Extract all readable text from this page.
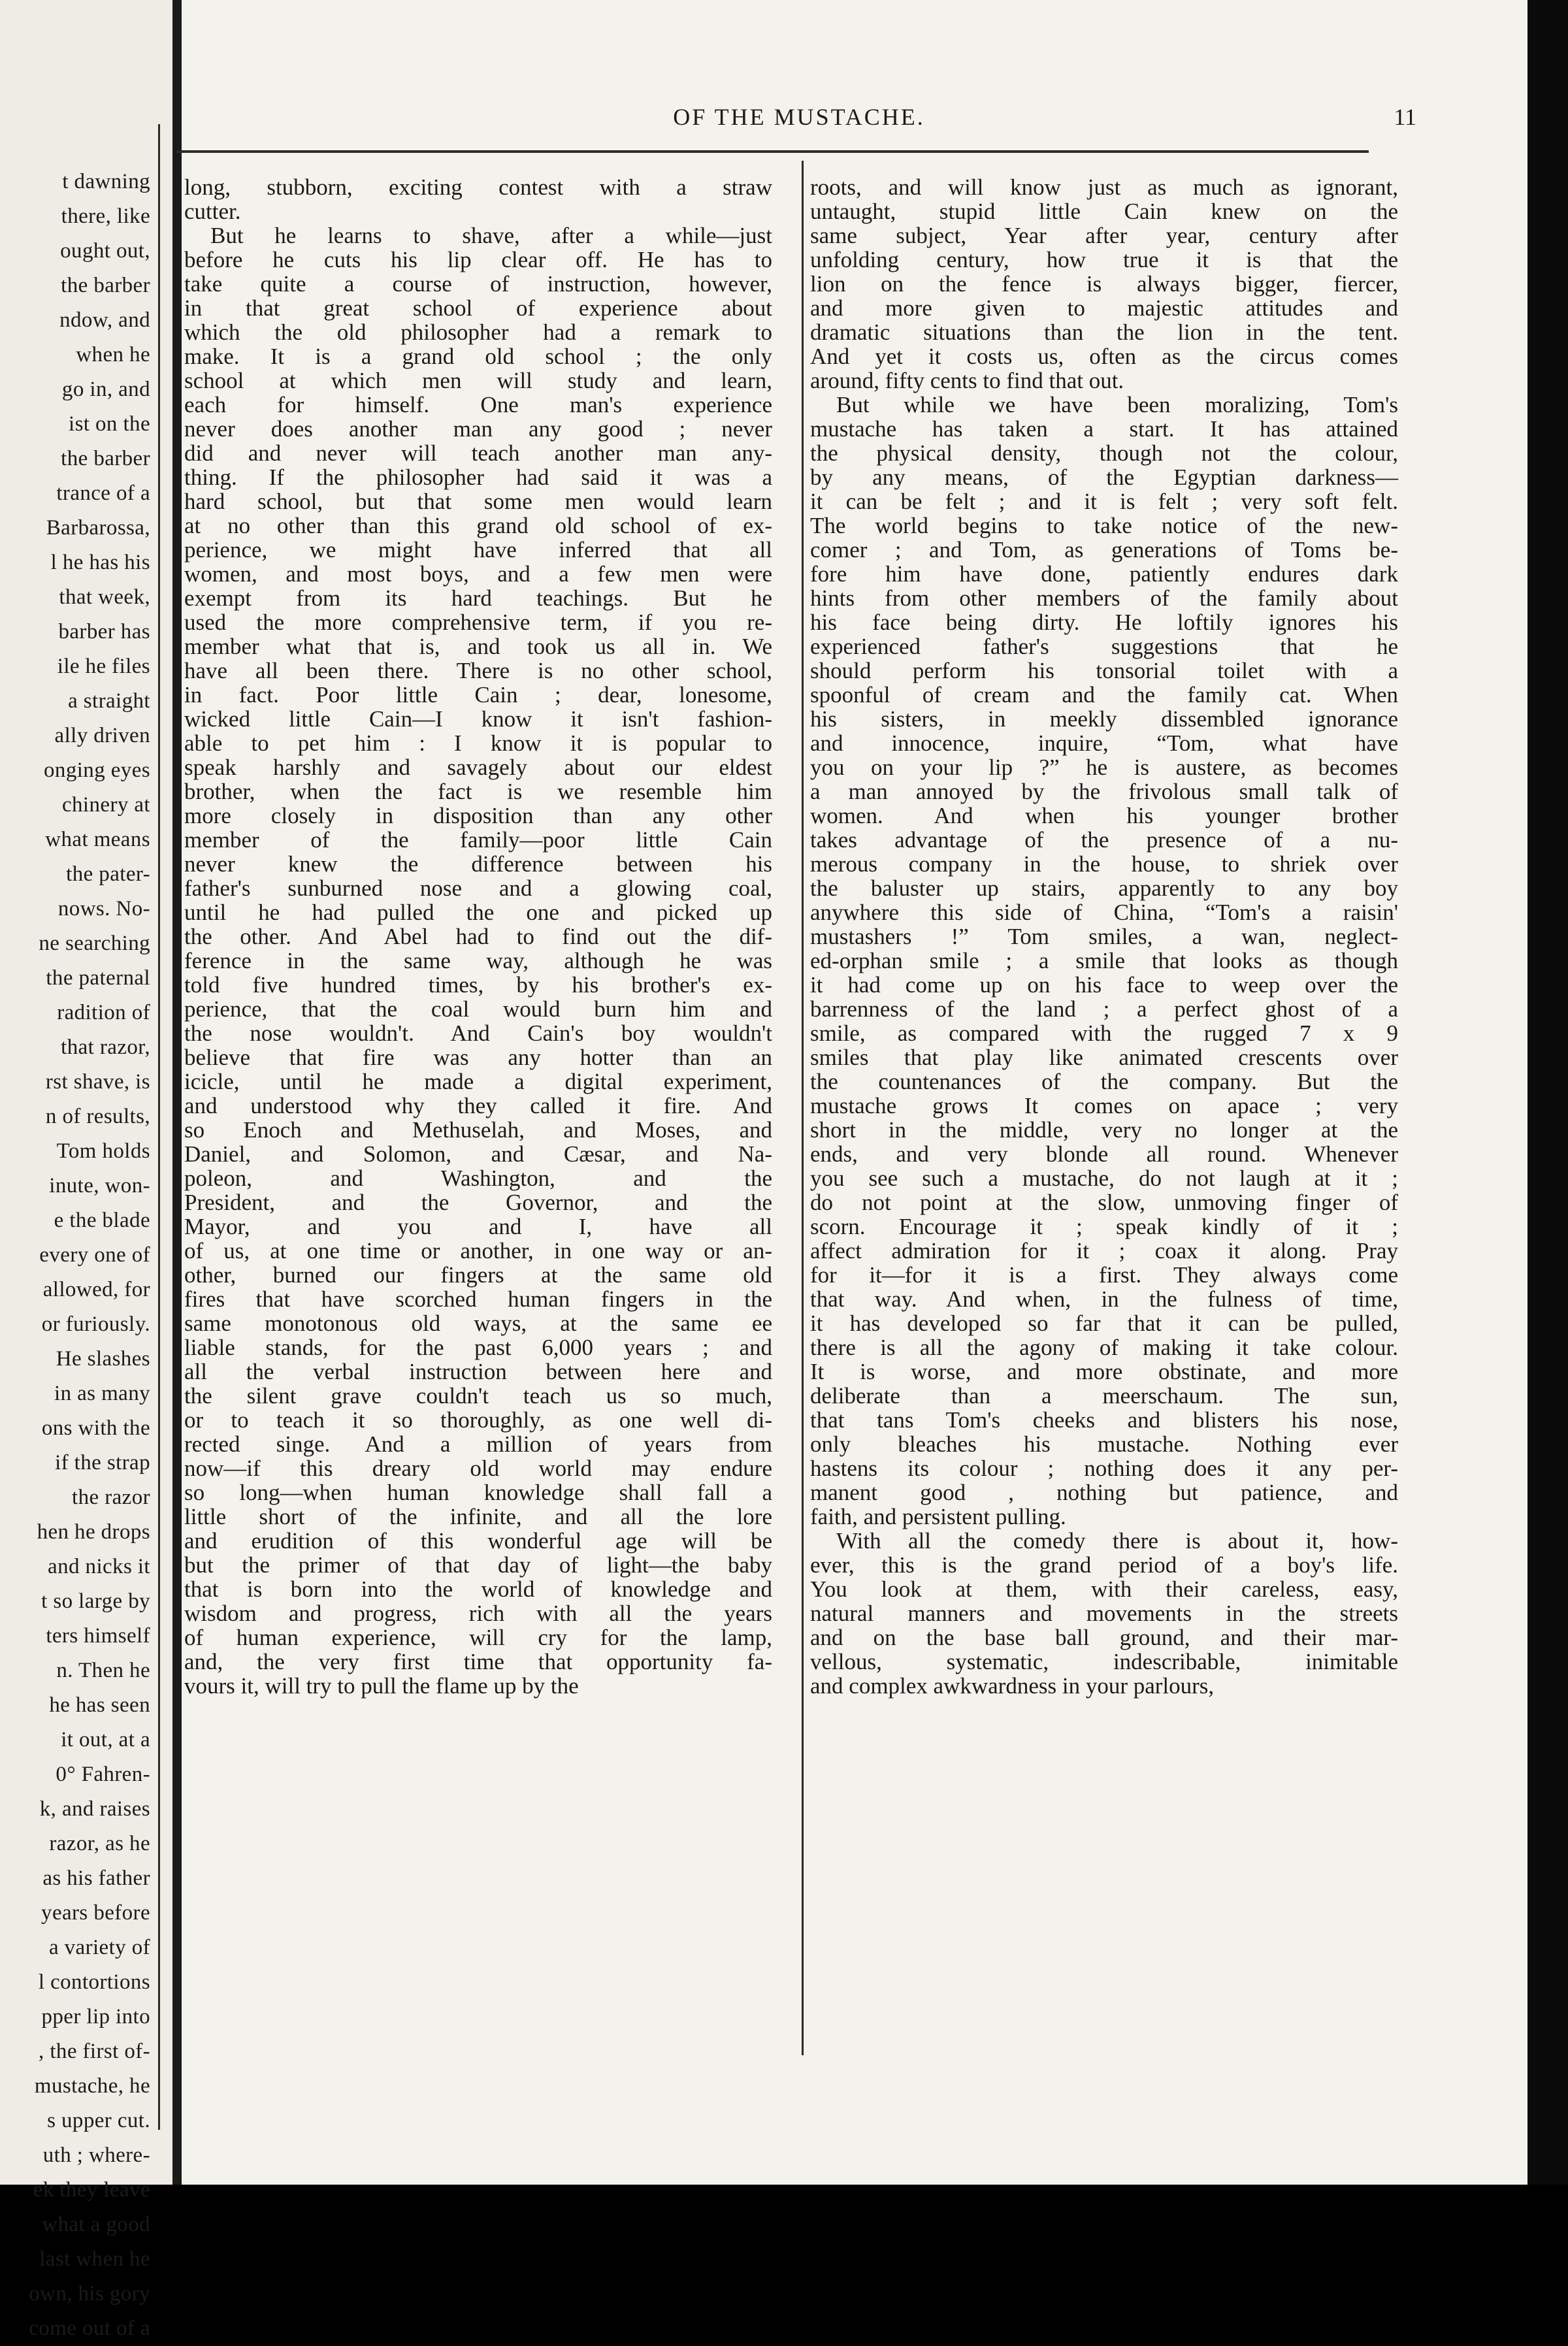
t dawning
there, like
ought out,
the barber
ndow, and
when he
go in, and
ist on the
the barber
trance of a
Barbarossa,
l he has his
that week,
barber has
ile he files
a straight
ally driven
onging eyes
chinery at
what means
the pater-
nows. No-
ne searching
the paternal
radition of
that razor,
rst shave, is
n of results,
Tom holds
inute, won-
e the blade
every one of
allowed, for
or furiously.
He slashes
in as many
ons with the
if the strap
the razor
hen he drops
and nicks it
t so large by
ters himself
n. Then he
he has seen
it out, at a
0° Fahren-
k, and raises
razor, as he
as his father
years before
a variety of
l contortions
pper lip into
, the first of-
mustache, he
s upper cut.
uth ; where-
ek they leave
what a good
last when he
own, his gory
come out of a
OF THE MUSTACHE.	11
long, stubborn, exciting contest with a straw
cutter.
But he learns to shave, after a while—just
before he cuts his lip clear off. He has to
take quite a course of instruction, however,
in that great school of experience about
which the old philosopher had a remark to
make. It is a grand old school ; the only
school at which men will study and learn,
each for himself. One man's experience
never does another man any good ; never
did and never will teach another man any-
thing. If the philosopher had said it was a
hard school, but that some men would learn
at no other than this grand old school of ex-
perience, we might have inferred that all
women, and most boys, and a few men were
exempt from its hard teachings. But he
used the more comprehensive term, if you re-
member what that is, and took us all in. We
have all been there. There is no other school,
in fact. Poor little Cain ; dear, lonesome,
wicked little Cain—I know it isn't fashion-
able to pet him : I know it is popular to
speak harshly and savagely about our eldest
brother, when the fact is we resemble him
more closely in disposition than any other
member of the family—poor little Cain
never knew the difference between his
father's sunburned nose and a glowing coal,
until he had pulled the one and picked up
the other. And Abel had to find out the dif-
ference in the same way, although he was
told five hundred times, by his brother's ex-
perience, that the coal would burn him and
the nose wouldn't. And Cain's boy wouldn't
believe that fire was any hotter than an
icicle, until he made a digital experiment,
and understood why they called it fire. And
so Enoch and Methuselah, and Moses, and
Daniel, and Solomon, and Cæsar, and Na-
poleon, and Washington, and the
President, and the Governor, and the
Mayor, and you and I, have all
of us, at one time or another, in one way or an-
other, burned our fingers at the same old
fires that have scorched human fingers in the
same monotonous old ways, at the same ee
liable stands, for the past 6,000 years ; and
all the verbal instruction between here and
the silent grave couldn't teach us so much,
or to teach it so thoroughly, as one well di-
rected singe. And a million of years from
now—if this dreary old world may endure
so long—when human knowledge shall fall a
little short of the infinite, and all the lore
and erudition of this wonderful age will be
but the primer of that day of light—the baby
that is born into the world of knowledge and
wisdom and progress, rich with all the years
of human experience, will cry for the lamp,
and, the very first time that opportunity fa-
vours it, will try to pull the flame up by the
roots, and will know just as much as ignorant,
untaught, stupid little Cain knew on the
same subject, Year after year, century after
unfolding century, how true it is that the
lion on the fence is always bigger, fiercer,
and more given to majestic attitudes and
dramatic situations than the lion in the tent.
And yet it costs us, often as the circus comes
around, fifty cents to find that out.
But while we have been moralizing, Tom's
mustache has taken a start. It has attained
the physical density, though not the colour,
by any means, of the Egyptian darkness—
it can be felt ; and it is felt ; very soft felt.
The world begins to take notice of the new-
comer ; and Tom, as generations of Toms be-
fore him have done, patiently endures dark
hints from other members of the family about
his face being dirty. He loftily ignores his
experienced father's suggestions that he
should perform his tonsorial toilet with a
spoonful of cream and the family cat. When
his sisters, in meekly dissembled ignorance
and innocence, inquire, “Tom, what have
you on your lip ?” he is austere, as becomes
a man annoyed by the frivolous small talk of
women. And when his younger brother
takes advantage of the presence of a nu-
merous company in the house, to shriek over
the baluster up stairs, apparently to any boy
anywhere this side of China, “Tom's a raisin'
mustashers !” Tom smiles, a wan, neglect-
ed-orphan smile ; a smile that looks as though
it had come up on his face to weep over the
barrenness of the land ; a perfect ghost of a
smile, as compared with the rugged 7 x 9
smiles that play like animated crescents over
the countenances of the company. But the
mustache grows It comes on apace ; very
short in the middle, very no longer at the
ends, and very blonde all round. Whenever
you see such a mustache, do not laugh at it ;
do not point at the slow, unmoving finger of
scorn. Encourage it ; speak kindly of it ;
affect admiration for it ; coax it along. Pray
for it—for it is a first. They always come
that way. And when, in the fulness of time,
it has developed so far that it can be pulled,
there is all the agony of making it take colour.
It is worse, and more obstinate, and more
deliberate than a meerschaum. The sun,
that tans Tom's cheeks and blisters his nose,
only bleaches his mustache. Nothing ever
hastens its colour ; nothing does it any per-
manent good , nothing but patience, and
faith, and persistent pulling.
With all the comedy there is about it, how-
ever, this is the grand period of a boy's life.
You look at them, with their careless, easy,
natural manners and movements in the streets
and on the base ball ground, and their mar-
vellous, systematic, indescribable, inimitable
and complex awkwardness in your parlours,
